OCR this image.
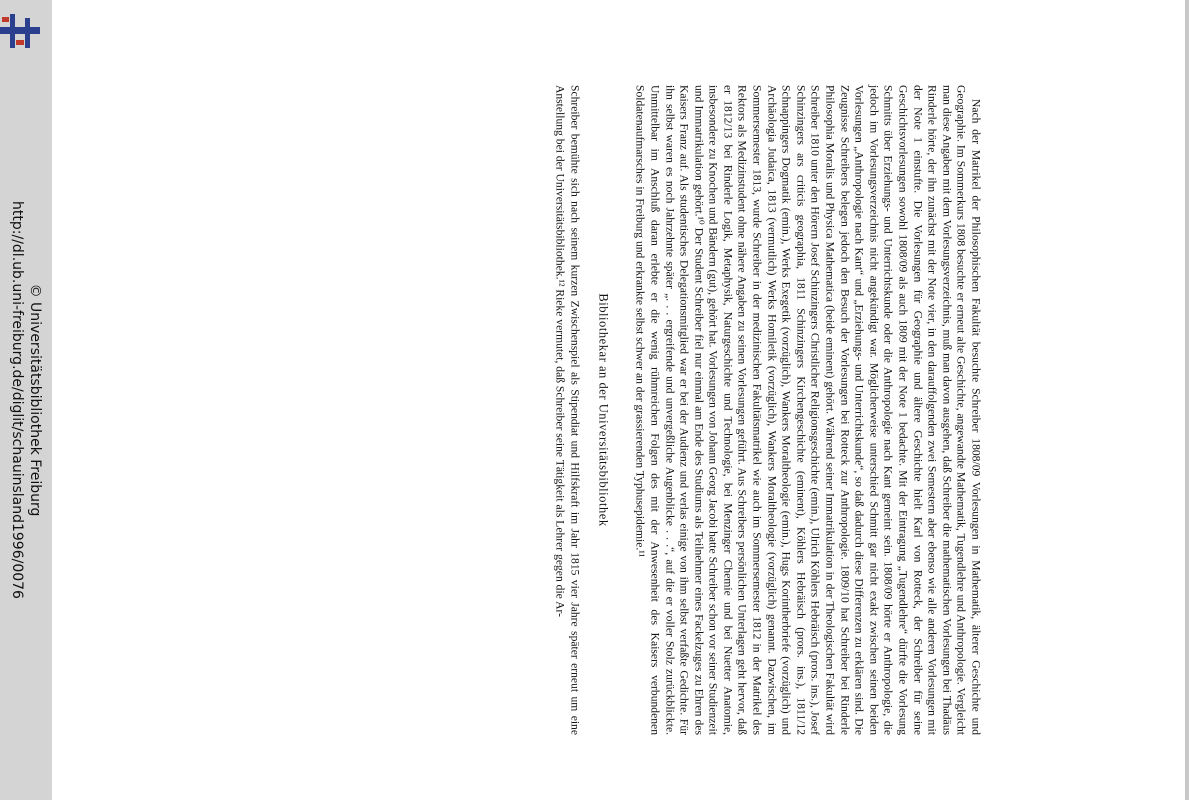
http://dl.ub.uni-freiburg.de/diglit/schauinsland1996/0076 © Universitätsbibliothek Freiburg	Nach der Matrikel der Philosophischen Fakultät besuchte Schreiber 1808/09 Vorlesungen in Mathematik, älterer Geschichte und Geographie. Im Sommerkurs 1808 besuchte er erneut alte Geschichte, angewandte Mathematik, Tugendlehre und Anthropologie. Vergleicht man diese Angaben mit dem Vorlesungsverzeichnis, muß man davon ausgehen, daß Schreiber die mathematischen Vorlesungen bei Thadäus Rinderle hörte, der ihn zunächst mit der Note vier, in den darauffolgenden zwei Semestern aber ebenso wie alle anderen Vorlesungen mit der Note 1 einstufte. Die Vorlesungen für Geographie und ältere Geschichte hielt Karl von Rotteck, der Schreiber für seine Geschichtsvorlesungen sowohl 1808/09 als auch 1809 mit der Note 1 bedachte. Mit der Eintragung „Tugendlehre“ dürfte die Vorlesung Schmitts über Erziehungs- und Unterrichtskunde oder die Anthropologie nach Kant gemeint sein. 1808/09 hörte er Anthropologie, die jedoch im Vorlesungsverzeichnis nicht angekündigt war. Möglicherweise unterschied Schmitt gar nicht exakt zwischen seinen beiden Vorlesungen „Anthropologie nach Kant“ und „Erziehungs- und Unterrichtskunde“, so daß dadurch diese Differenzen zu erklären sind. Die Zeugnisse Schreibers belegen jedoch den Besuch der Vorlesungen bei Rotteck zur Anthropologie. 1809/10 hat Schreiber bei Rinderle Philosophia Moralis und Physica Mathematica (beide eminent) gehört. Während seiner Immatrikulation in der Theologischen Fakultät wird Schreiber 1810 unter den Hörern Josef Schinzingers Christlicher Religionsgeschichte (emin.), Ulrich Köhlers Hebräisch (prors. ins.), Josef Schinzingers ars criticis geographia, 1811 Schinzingers Kirchengeschichte (eminent), Köhlers Hebräisch (prors. ins.), 1811/12 Schnappingers Dogmatik (emin.), Werks Exegetik (vorzüglich), Wankers Moraltheologie (emin.), Hugs Korintherbriefe (vorzüglich) und Archäologia Judaica, 1813 (vermutlich) Werks Homiletik (vorzüglich), Wankers Moraltheologie (vorzüglich) genannt. Dazwischen, im Sommersemester 1813, wurde Schreiber in der medizinischen Fakultätsmatrikel wie auch im Sommersemester 1812 in der Matrikel des Rektors als Medizinstudent ohne nähere Angaben zu seinen Vorlesungen geführt. Aus Schreibers persönlichen Unterlagen geht hervor, daß er 1812/13 bei Rinderle Logik, Metaphysik, Naturgeschichte und Technologie, bei Menzinger Chemie und bei Nuetter Anatomie, insbesondere zu Knochen und Bändern (gut), gehört hat. Vorlesungen von Johann Georg Jacobi hatte Schreiber schon vor seiner Studienzeit und Immatrikulation gehört.¹⁰ Der Student Schreiber fiel nur einmal am Ende des Studiums als Teilnehmer eines Fackelzuges zu Ehren des Kaisers Franz auf. Als studentisches Delegationsmitglied war er bei der Audienz und verlas einige von ihm selbst verfaßte Gedichte. Für ihn selbst waren es noch Jahrzehnte später „. . . ergreifende und unvergeßliche Augenblicke . . .“, auf die er voller Stolz zurückblickte. Unmittelbar im Anschluß daran erlebte er die wenig rühmreichen Folgen des mit der Anwesenheit des Kaisers verbundenen Soldatenaufmarsches in Freiburg und erkrankte selbst schwer an der grassierenden Typhusepidemie.¹¹

Bibliothekar an der Universitätsbibliothek

Schreiber bemühte sich nach seinem kurzen Zwischenspiel als Stipendiat und Hilfskraft im Jahr 1815 vier Jahre später erneut um eine Anstellung bei der Universitätsbibliothek.¹² Rieke vermutet, daß Schreiber seine Tätigkeit als Lehrer gegen die Ar-
